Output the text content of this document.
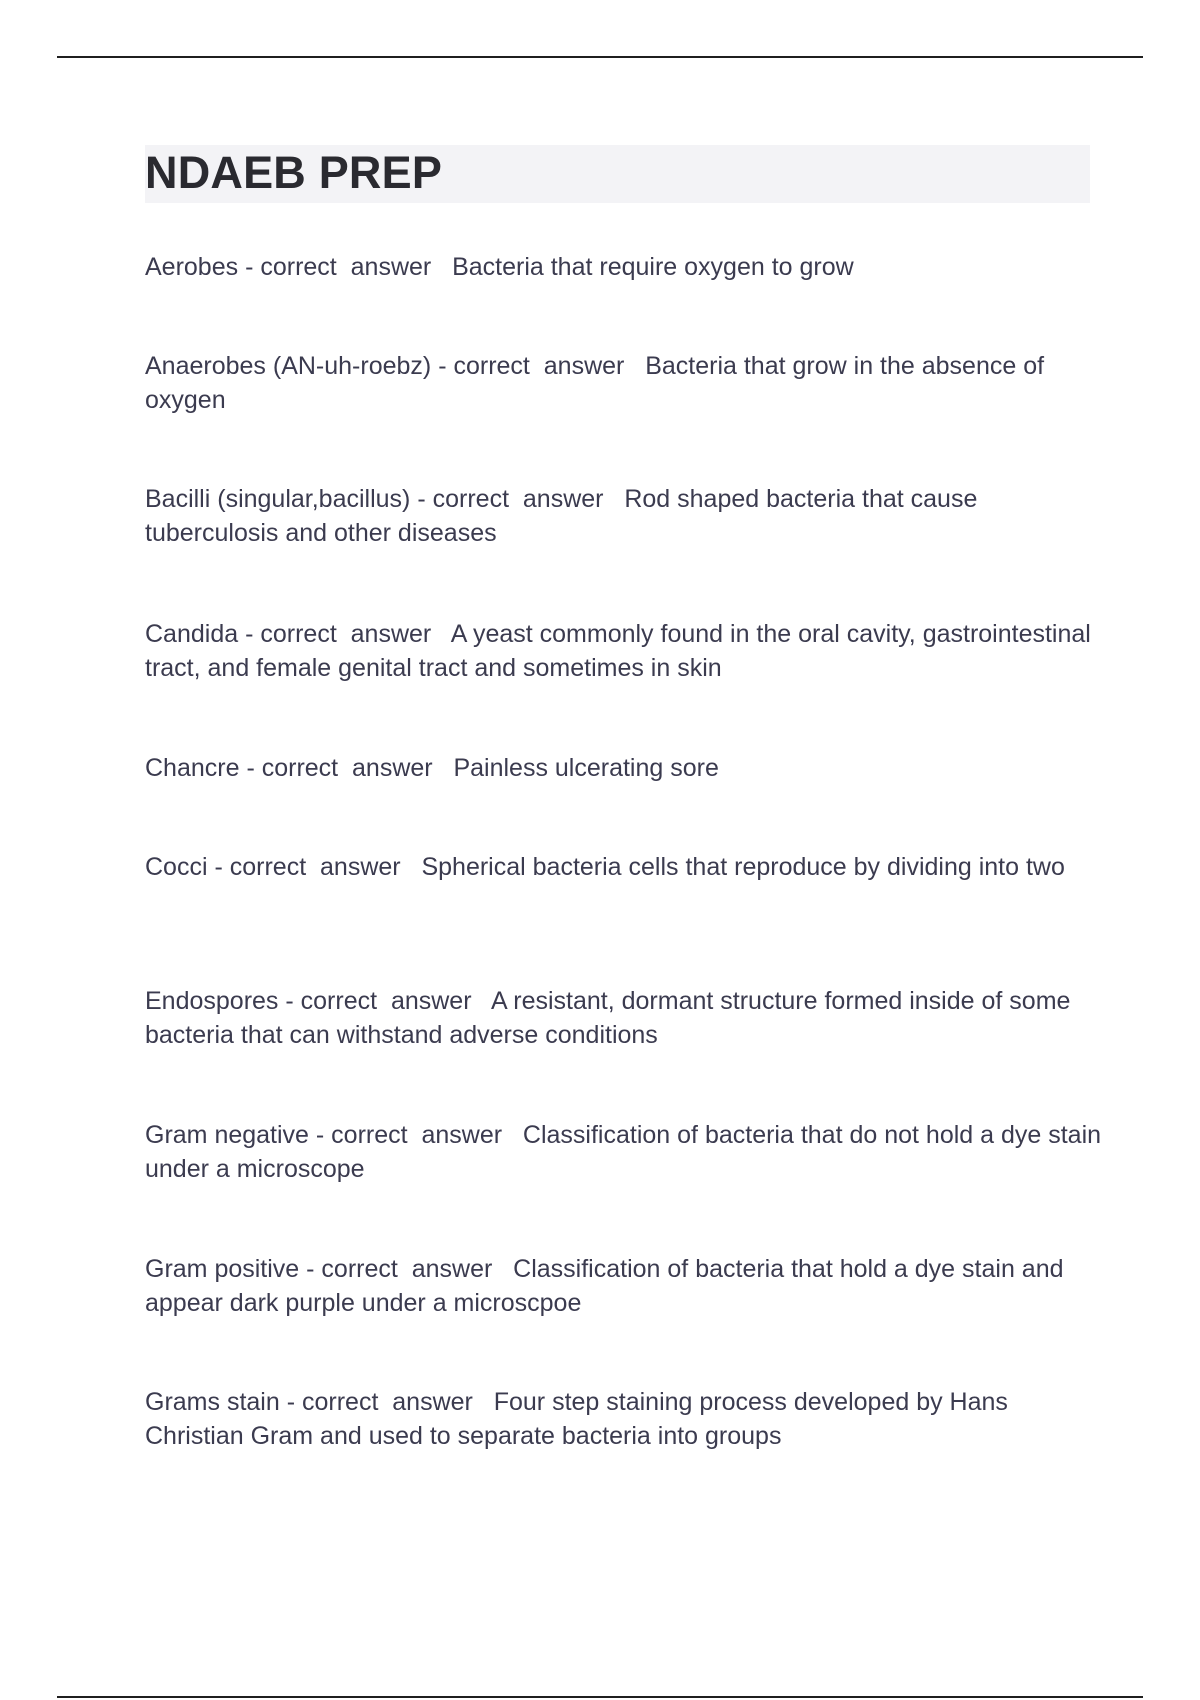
NDAEB PREP

Aerobes - correct  answer   Bacteria that require oxygen to grow

Anaerobes (AN-uh-roebz) - correct  answer   Bacteria that grow in the absence of oxygen

Bacilli (singular,bacillus) - correct  answer   Rod shaped bacteria that cause tuberculosis and other diseases

Candida - correct  answer   A yeast commonly found in the oral cavity, gastrointestinal tract, and female genital tract and sometimes in skin

Chancre - correct  answer   Painless ulcerating sore

Cocci - correct  answer   Spherical bacteria cells that reproduce by dividing into two

Endospores - correct  answer   A resistant, dormant structure formed inside of some bacteria that can withstand adverse conditions

Gram negative - correct  answer   Classification of bacteria that do not hold a dye stain under a microscope

Gram positive - correct  answer   Classification of bacteria that hold a dye stain and appear dark purple under a microscpoe

Grams stain - correct  answer   Four step staining process developed by Hans Christian Gram and used to separate bacteria into groups
